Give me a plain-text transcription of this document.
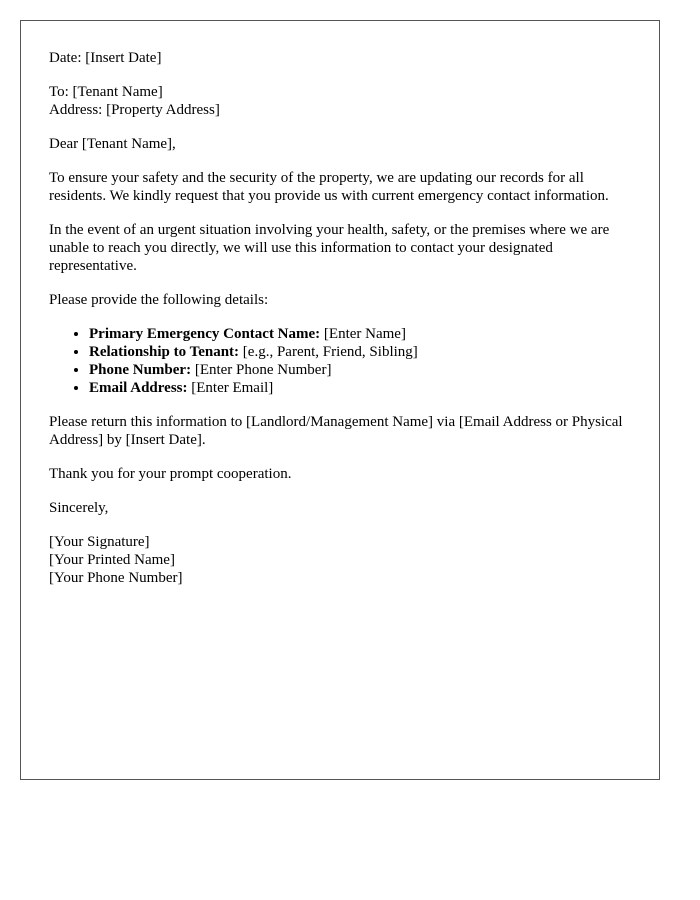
Date: [Insert Date]

To: [Tenant Name]
Address: [Property Address]

Dear [Tenant Name],

To ensure your safety and the security of the property, we are updating our records for all residents. We kindly request that you provide us with current emergency contact information.

In the event of an urgent situation involving your health, safety, or the premises where we are unable to reach you directly, we will use this information to contact your designated representative.

Please provide the following details:

• Primary Emergency Contact Name: [Enter Name]
• Relationship to Tenant: [e.g., Parent, Friend, Sibling]
• Phone Number: [Enter Phone Number]
• Email Address: [Enter Email]

Please return this information to [Landlord/Management Name] via [Email Address or Physical Address] by [Insert Date].

Thank you for your prompt cooperation.

Sincerely,

[Your Signature]
[Your Printed Name]
[Your Phone Number]
